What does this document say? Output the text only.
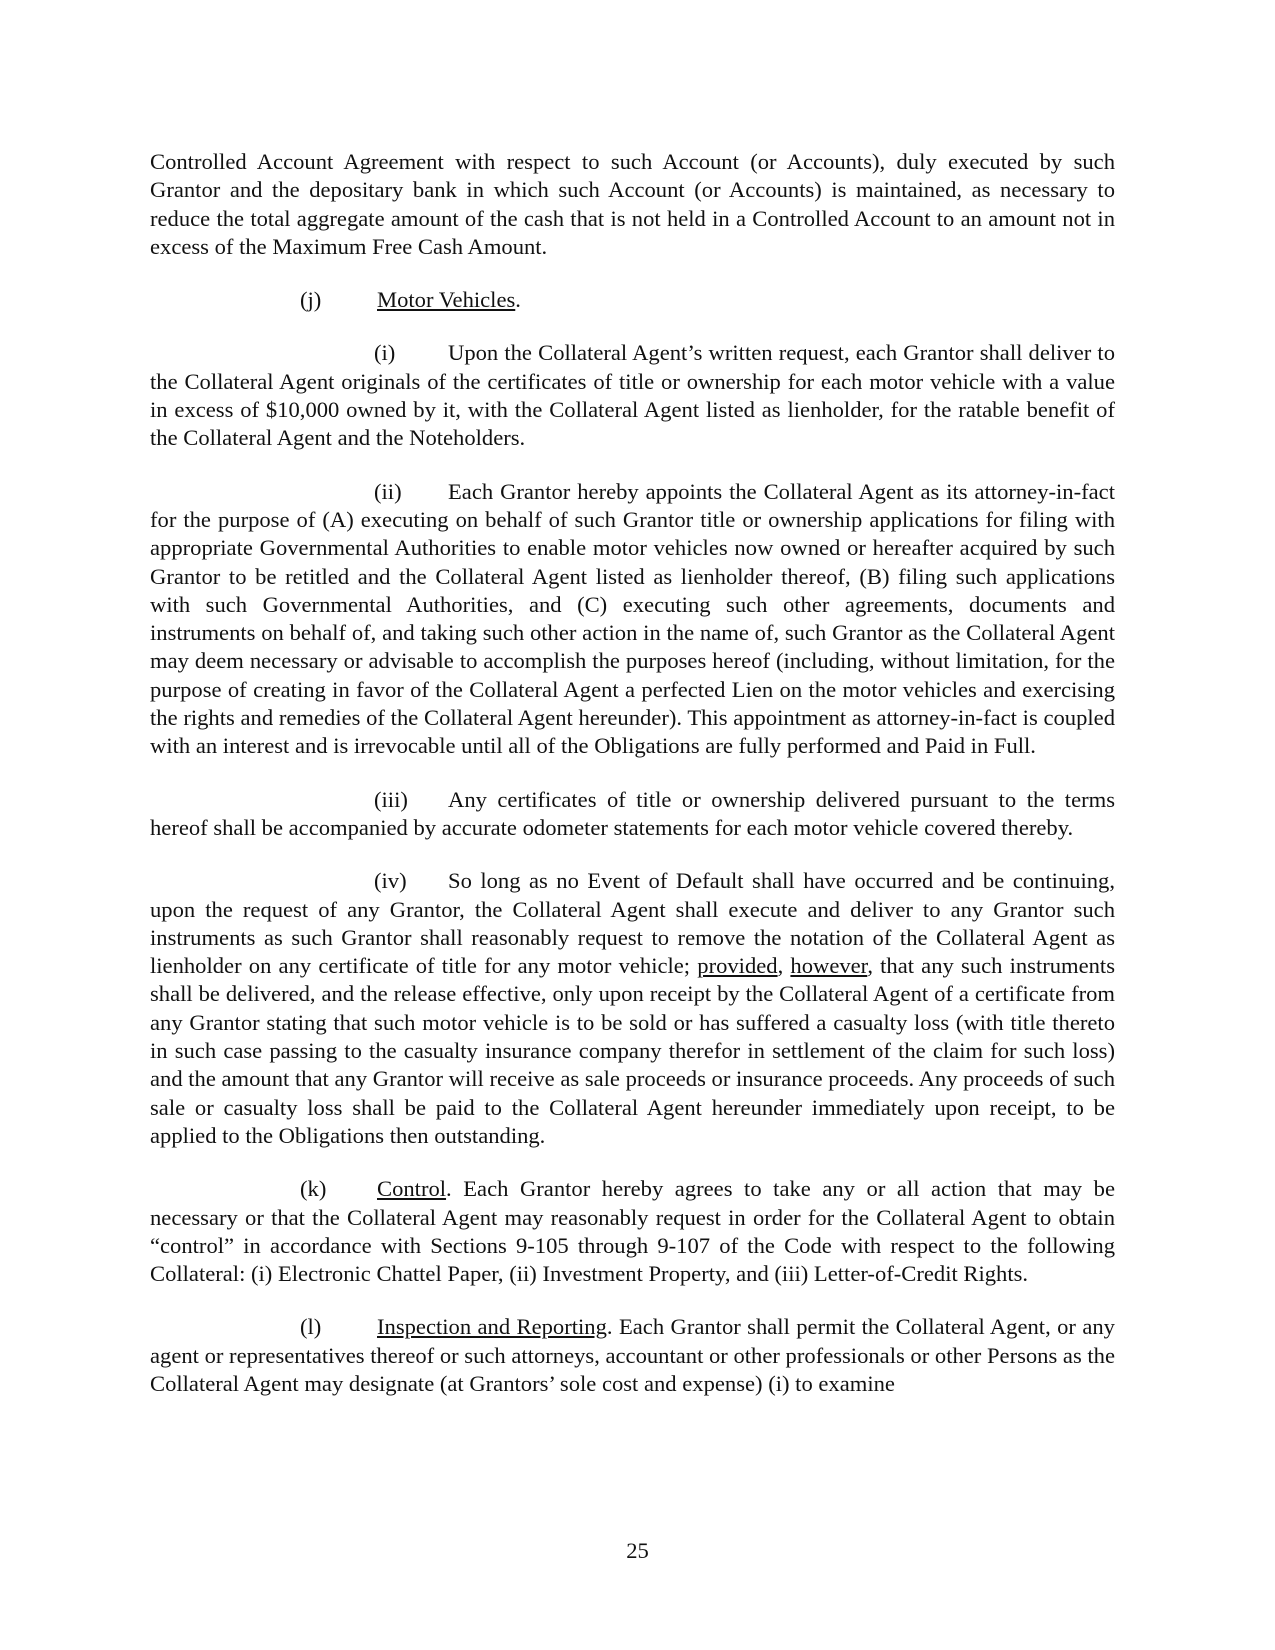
Controlled Account Agreement with respect to such Account (or Accounts), duly executed by such Grantor and the depositary bank in which such Account (or Accounts) is maintained, as necessary to reduce the total aggregate amount of the cash that is not held in a Controlled Account to an amount not in excess of the Maximum Free Cash Amount.

(j) Motor Vehicles.

(i) Upon the Collateral Agent’s written request, each Grantor shall deliver to the Collateral Agent originals of the certificates of title or ownership for each motor vehicle with a value in excess of $10,000 owned by it, with the Collateral Agent listed as lienholder, for the ratable benefit of the Collateral Agent and the Noteholders.

(ii) Each Grantor hereby appoints the Collateral Agent as its attorney-in-fact for the purpose of (A) executing on behalf of such Grantor title or ownership applications for filing with appropriate Governmental Authorities to enable motor vehicles now owned or hereafter acquired by such Grantor to be retitled and the Collateral Agent listed as lienholder thereof, (B) filing such applications with such Governmental Authorities, and (C) executing such other agreements, documents and instruments on behalf of, and taking such other action in the name of, such Grantor as the Collateral Agent may deem necessary or advisable to accomplish the purposes hereof (including, without limitation, for the purpose of creating in favor of the Collateral Agent a perfected Lien on the motor vehicles and exercising the rights and remedies of the Collateral Agent hereunder). This appointment as attorney-in-fact is coupled with an interest and is irrevocable until all of the Obligations are fully performed and Paid in Full.

(iii) Any certificates of title or ownership delivered pursuant to the terms hereof shall be accompanied by accurate odometer statements for each motor vehicle covered thereby.

(iv) So long as no Event of Default shall have occurred and be continuing, upon the request of any Grantor, the Collateral Agent shall execute and deliver to any Grantor such instruments as such Grantor shall reasonably request to remove the notation of the Collateral Agent as lienholder on any certificate of title for any motor vehicle; provided, however, that any such instruments shall be delivered, and the release effective, only upon receipt by the Collateral Agent of a certificate from any Grantor stating that such motor vehicle is to be sold or has suffered a casualty loss (with title thereto in such case passing to the casualty insurance company therefor in settlement of the claim for such loss) and the amount that any Grantor will receive as sale proceeds or insurance proceeds. Any proceeds of such sale or casualty loss shall be paid to the Collateral Agent hereunder immediately upon receipt, to be applied to the Obligations then outstanding.

(k) Control. Each Grantor hereby agrees to take any or all action that may be necessary or that the Collateral Agent may reasonably request in order for the Collateral Agent to obtain “control” in accordance with Sections 9-105 through 9-107 of the Code with respect to the following Collateral: (i) Electronic Chattel Paper, (ii) Investment Property, and (iii) Letter-of-Credit Rights.

(l) Inspection and Reporting. Each Grantor shall permit the Collateral Agent, or any agent or representatives thereof or such attorneys, accountant or other professionals or other Persons as the Collateral Agent may designate (at Grantors’ sole cost and expense) (i) to examine

25
